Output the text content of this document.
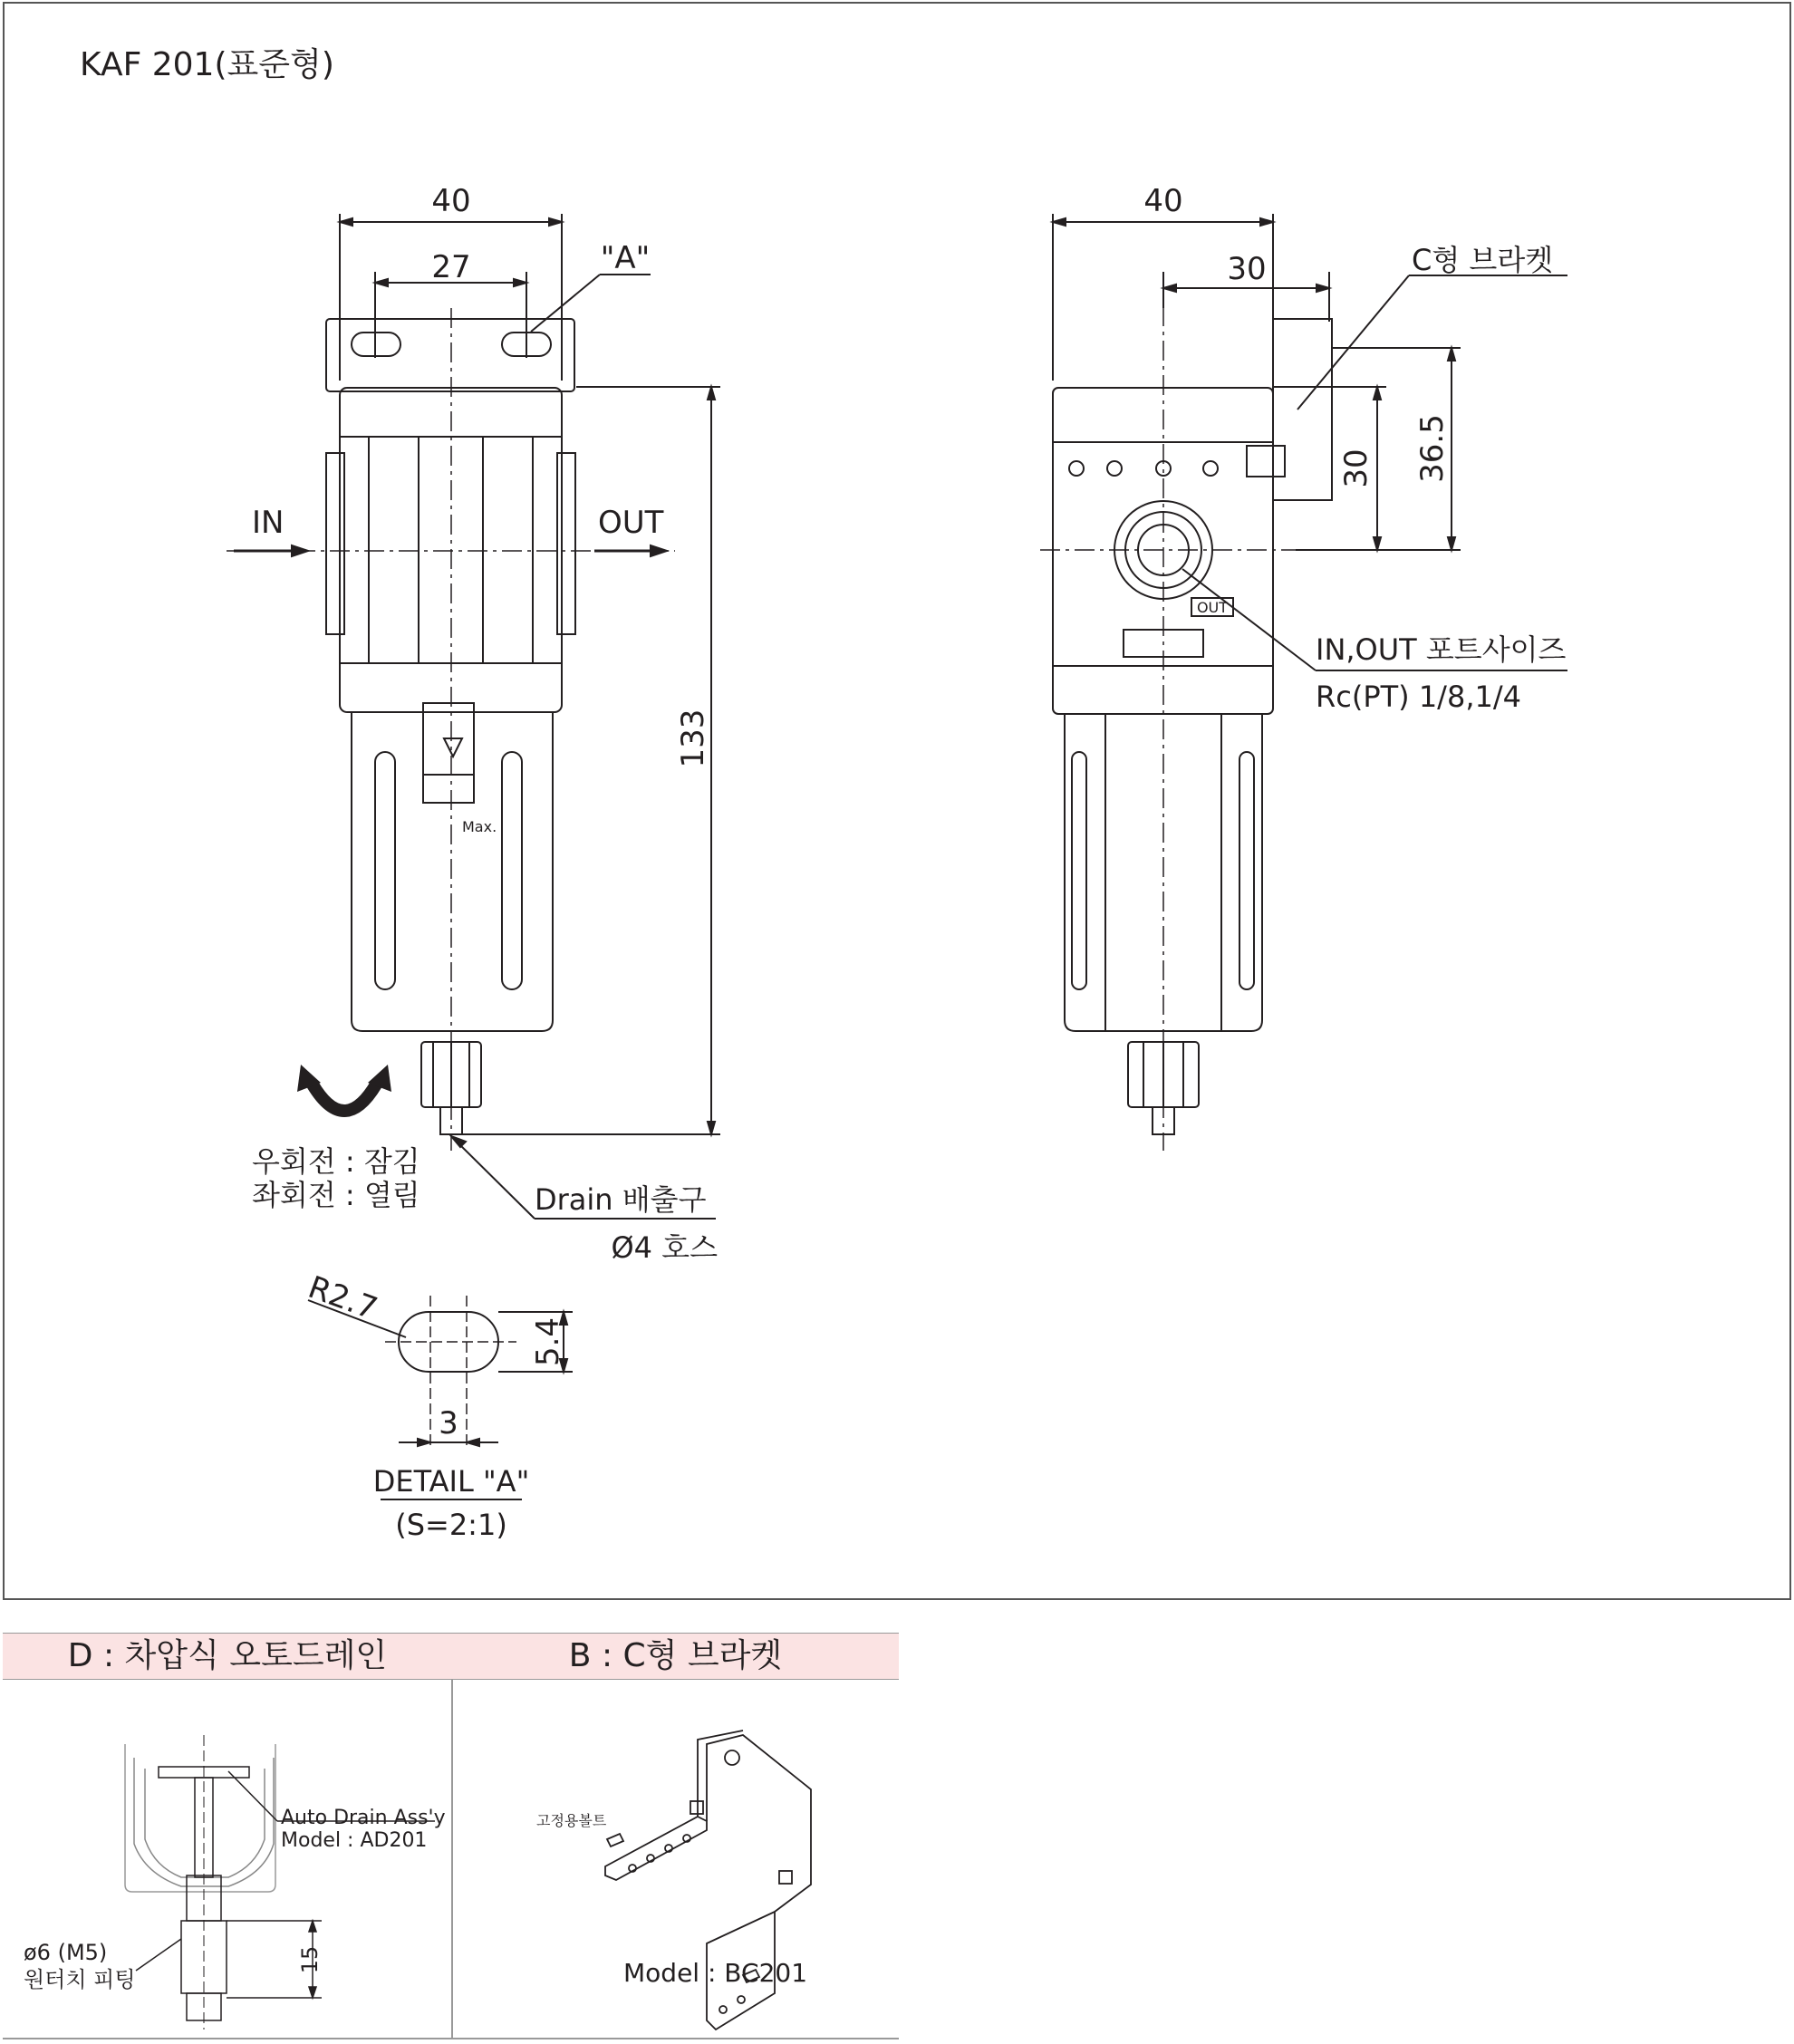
KAF 201(표준형)
40
27	"A"
Max.
IN	OUT
133
우회전 : 잠김
좌회전 : 열림	Drain 배출구
Ø4 호스
40
30	C형 브라켓
OUT
30 36.5
IN,OUT 포트사이즈
Rc(PT) 1/8,1/4
R2.7
5.4
3
DETAIL "A"
(S=2:1)
D : 차압식 오토드레인	B : C형 브라켓
Auto Drain Ass'y
Model : AD201
15
ø6 (M5)
원터치 피팅
고정용볼트
Model : BC201
